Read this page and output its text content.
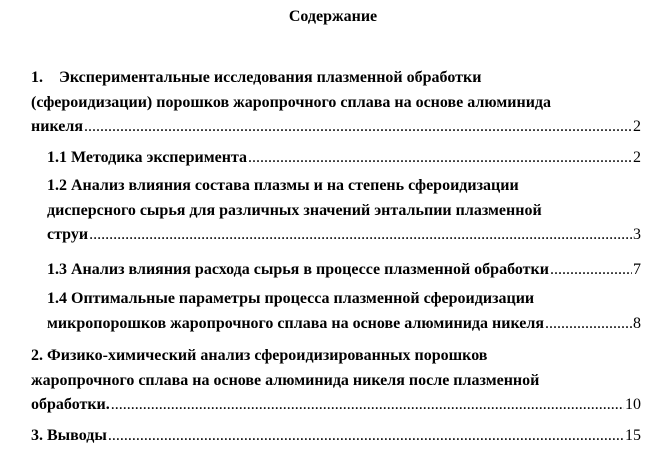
Содержание
1. Экспериментальные исследования плазменной обработки
(сфероидизации) порошков жаропрочного сплава на основе алюминида
никеля .....	2
1.1 Методика эксперимента .....	2
1.2 Анализ влияния состава плазмы и на степень сфероидизации
дисперсного сырья для различных значений энтальпии плазменной
струи .....	3
1.3 Анализ влияния расхода сырья в процессе плазменной обработки .....	7
1.4 Оптимальные параметры процесса плазменной сфероидизации
микропорошков жаропрочного сплава на основе алюминида никеля .....	8
2. Физико-химический анализ сфероидизированных порошков
жаропрочного сплава на основе алюминида никеля после плазменной
обработки. .....	10
3. Выводы .....	15
